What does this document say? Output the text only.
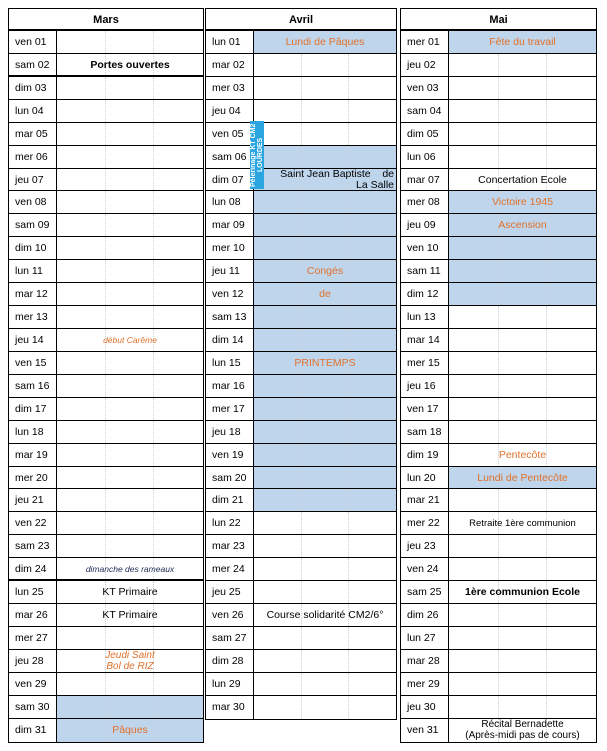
Mars
ven 01
sam 02	Portes ouvertes
dim 03
lun 04
mar 05
mer 06
jeu 07
ven 08
sam 09
dim 10
lun 11
mar 12
mer 13
jeu 14	début Carême
ven 15
sam 16
dim 17
lun 18
mar 19
mer 20
jeu 21
ven 22
sam 23
dim 24	dimanche des rameaux
lun 25	KT Primaire
mar 26	KT Primaire
mer 27
jeu 28	Jeudi Saint
Bol de RIZ
ven 29
sam 30
dim 31	Pâques
Avril
lun 01	Lundi de Pâques
mar 02
mer 03
jeu 04
ven 05
sam 06
dim 07	Saint Jean Baptiste    de
La Salle
lun 08
mar 09
mer 10
jeu 11	Congés
ven 12	de
sam 13
dim 14
lun 15	PRINTEMPS
mar 16
mer 17
jeu 18
ven 19
sam 20
dim 21
lun 22
mar 23
mer 24
jeu 25
ven 26	Course solidarité CM2/6°
sam 27
dim 28
lun 29
mar 30
Mai
mer 01	Fête du travail
jeu 02
ven 03
sam 04
dim 05
lun 06
mar 07	Concertation Ecole
mer 08	Victoire 1945
jeu 09	Ascension
ven 10
sam 11
dim 12
lun 13
mar 14
mer 15
jeu 16
ven 17
sam 18
dim 19	Pentecôte
lun 20	Lundi de Pentecôte
mar 21
mer 22	Retraite 1ère communion
jeu 23
ven 24
sam 25	1ère communion Ecole
dim 26
lun 27
mar 28
mer 29
jeu 30
ven 31	Récital Bernadette
(Après-midi pas de cours)
Pèlerinage KT CM2 LOURDES
